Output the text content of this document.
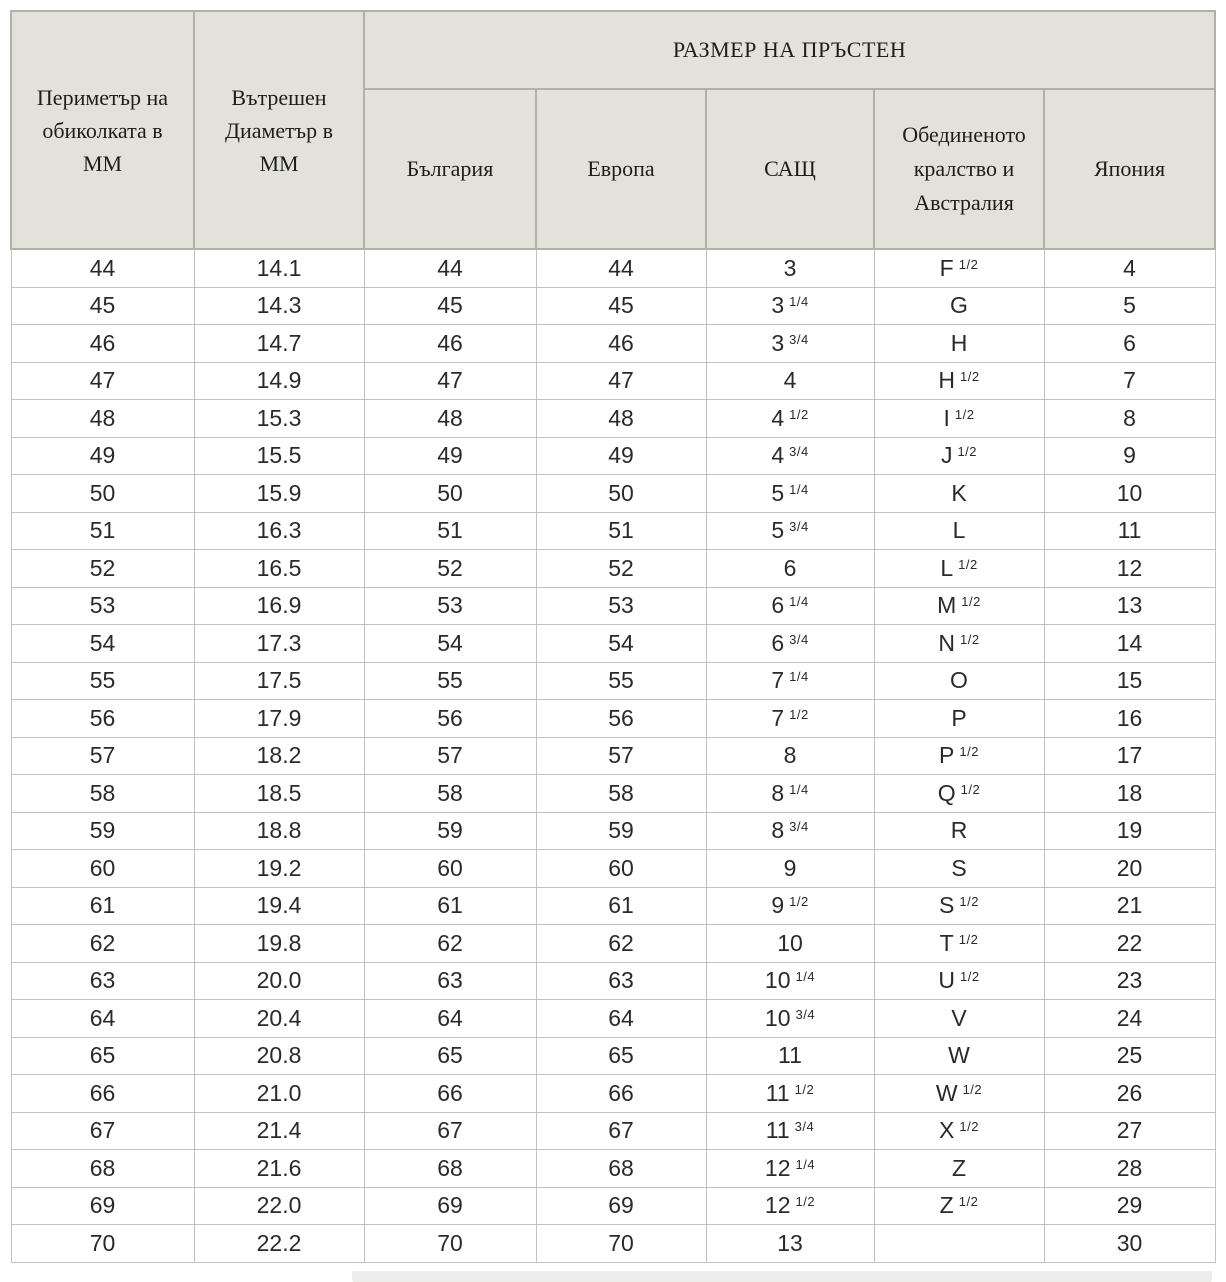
Периметър на обиколката в ММ	Вътрешен Диаметър в ММ	РАЗМЕР НА ПРЪСТЕН				
		България	Европа	САЩ	Обединеното кралство и Австралия	Япония
44	14.1	44	44	3	F $^{1/2}$	4
45	14.3	45	45	3 $^{1/4}$	G	5
46	14.7	46	46	3 $^{3/4}$	H	6
47	14.9	47	47	4	H $^{1/2}$	7
48	15.3	48	48	4 $^{1/2}$	I $^{1/2}$	8
49	15.5	49	49	4 $^{3/4}$	J $^{1/2}$	9
50	15.9	50	50	5 $^{1/4}$	K	10
51	16.3	51	51	5 $^{3/4}$	L	11
52	16.5	52	52	6	L $^{1/2}$	12
53	16.9	53	53	6 $^{1/4}$	M $^{1/2}$	13
54	17.3	54	54	6 $^{3/4}$	N $^{1/2}$	14
55	17.5	55	55	7 $^{1/4}$	O	15
56	17.9	56	56	7 $^{1/2}$	P	16
57	18.2	57	57	8	P $^{1/2}$	17
58	18.5	58	58	8 $^{1/4}$	Q $^{1/2}$	18
59	18.8	59	59	8 $^{3/4}$	R	19
60	19.2	60	60	9	S	20
61	19.4	61	61	9 $^{1/2}$	S $^{1/2}$	21
62	19.8	62	62	10	T $^{1/2}$	22
63	20.0	63	63	10 $^{1/4}$	U $^{1/2}$	23
64	20.4	64	64	10 $^{3/4}$	V	24
65	20.8	65	65	11	W	25
66	21.0	66	66	11 $^{1/2}$	W $^{1/2}$	26
67	21.4	67	67	11 $^{3/4}$	X $^{1/2}$	27
68	21.6	68	68	12 $^{1/4}$	Z	28
69	22.0	69	69	12 $^{1/2}$	Z $^{1/2}$	29
70	22.2	70	70	13		30
